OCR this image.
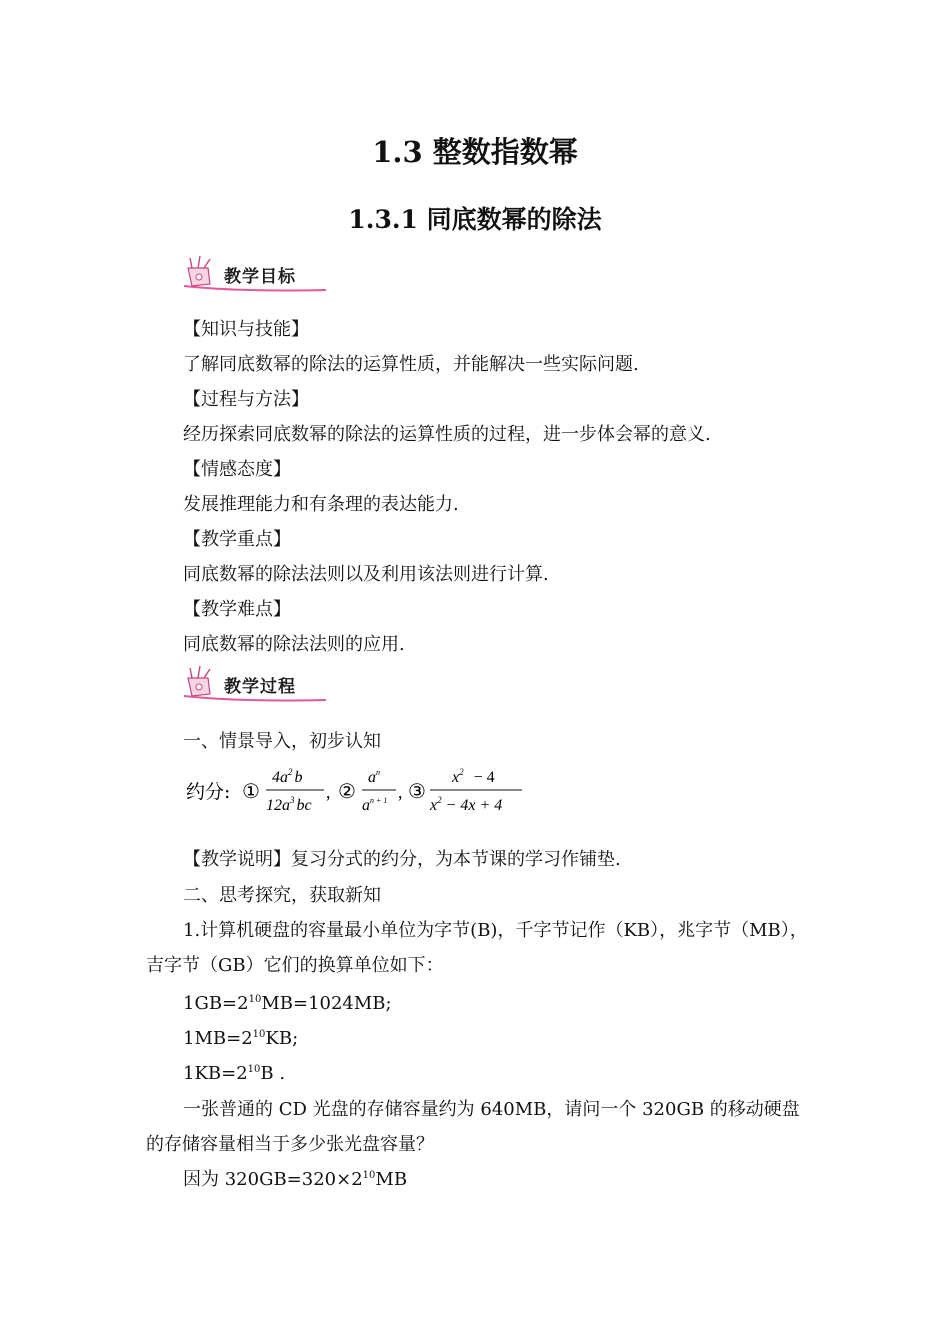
1.3 整数指数幂
1.3.1 同底数幂的除法
教学目标
【知识与技能】
了解同底数幂的除法的运算性质，并能解决一些实际问题.
【过程与方法】
经历探索同底数幂的除法的运算性质的过程，进一步体会幂的意义.
【情感态度】
发展推理能力和有条理的表达能力.
【教学重点】
同底数幂的除法法则以及利用该法则进行计算.
【教学难点】
同底数幂的除法法则的应用.
教学过程
一、情景导入，初步认知
约分: ①
$4a^2$ b
$12a^3$ bc
, ②
$a^n$
$a^{n + 1}$ , ③
$x^2 - 4$
$x^2 - 4x + 4$
【教学说明】复习分式的约分，为本节课的学习作铺垫.
二、思考探究，获取新知
1.计算机硬盘的容量最小单位为字节(B)，千字节记作（KB），兆字节（MB），
吉字节（GB）它们的换算单位如下：
$1GB=2^{10}MB=1024MB$;
$1MB=2^{10}KB$;
$1KB=2^{10}B$ .
一张普通的 CD 光盘的存储容量约为 640MB，请问一个 320GB 的移动硬盘
的存储容量相当于多少张光盘容量？
因为 $320GB=320\times 2^{10}MB$
